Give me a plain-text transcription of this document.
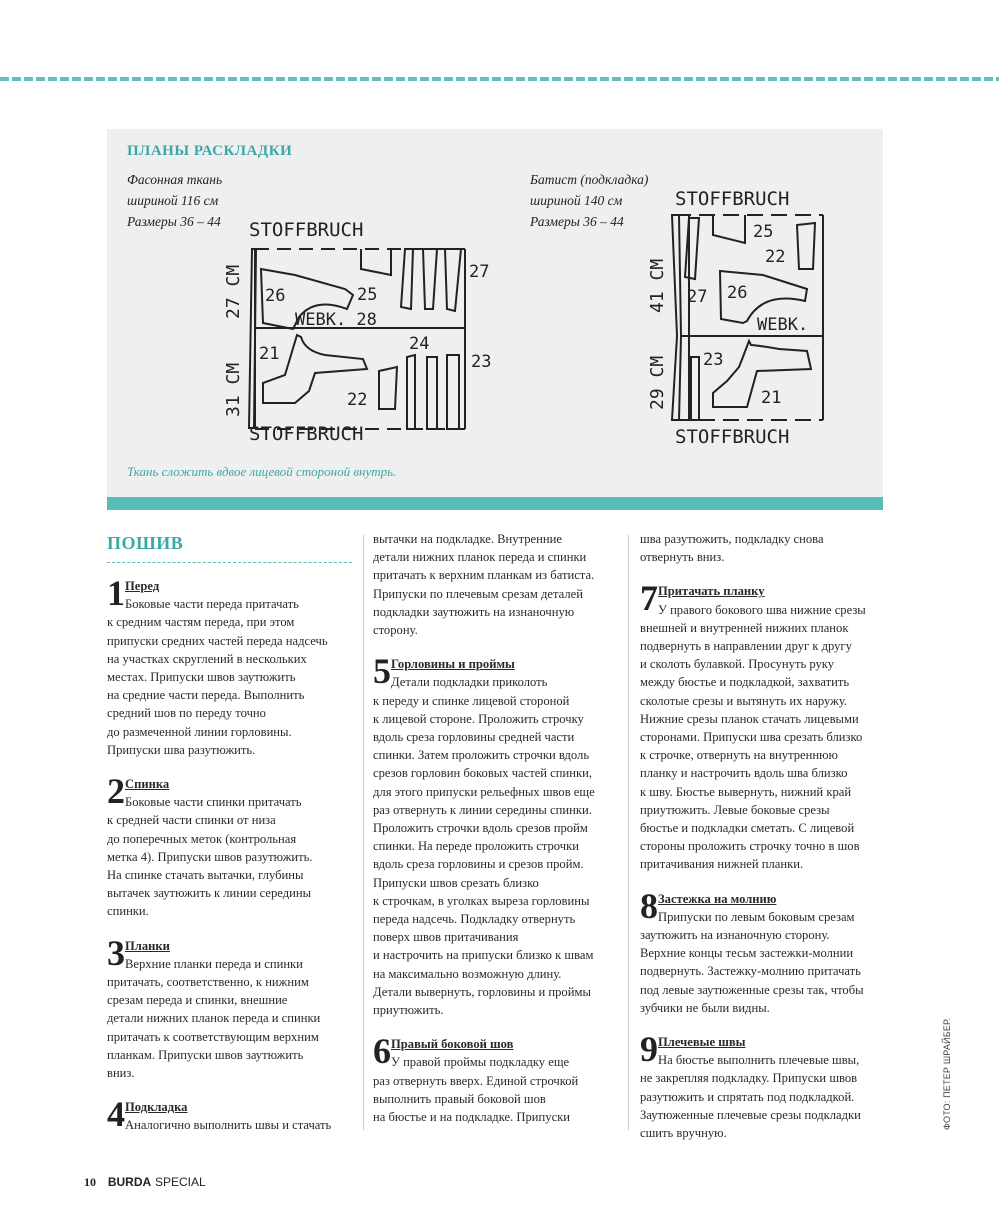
ПЛАНЫ РАСКЛАДКИ
Фасонная ткань
шириной 116 см
Размеры 36 – 44
Батист (подкладка)
шириной 140 см
Размеры 36 – 44
STOFFBRUCH
STOFFBRUCH
27 CM
31 CM
26	25
27
WEBK. 28
21
22
24
23
STOFFBRUCH
STOFFBRUCH
41 CM
29 CM
25
22
27 26
WEBK.
23
21
Ткань сложить вдвое лицевой стороной внутрь.
ПОШИВ
1 Перед
Боковые части переда притачать

к средним частям переда, при этом

припуски средних частей переда надсечь

на участках скруглений в нескольких

местах. Припуски швов заутюжить

на средние части переда. Выполнить

средний шов по переду точно

до размеченной линии горловины.

Припуски шва разутюжить.

2 Спинка
Боковые части спинки притачать

к средней части спинки от низа

до поперечных меток (контрольная

метка 4). Припуски швов разутюжить.

На спинке стачать вытачки, глубины

вытачек заутюжить к линии середины

спинки.

3 Планки
Верхние планки переда и спинки

притачать, соответственно, к нижним

срезам переда и спинки, внешние

детали нижних планок переда и спинки

притачать к соответствующим верхним

планкам. Припуски швов заутюжить

вниз.

4 Подкладка
Аналогично выполнить швы и стачать

вытачки на подкладке. Внутренние

детали нижних планок переда и спинки

притачать к верхним планкам из батиста.

Припуски по плечевым срезам деталей

подкладки заутюжить на изнаночную

сторону.

5 Горловины и проймы
Детали подкладки приколоть

к переду и спинке лицевой стороной

к лицевой стороне. Проложить строчку

вдоль среза горловины средней части

спинки. Затем проложить строчки вдоль

срезов горловин боковых частей спинки,

для этого припуски рельефных швов еще

раз отвернуть к линии середины спинки.

Проложить строчки вдоль срезов пройм

спинки. На переде проложить строчки

вдоль среза горловины и срезов пройм.

Припуски швов срезать близко

к строчкам, в уголках выреза горловины

переда надсечь. Подкладку отвернуть

поверх швов притачивания

и настрочить на припуски близко к швам

на максимально возможную длину.

Детали вывернуть, горловины и проймы

приутюжить.

6 Правый боковой шов
У правой проймы подкладку еще

раз отвернуть вверх. Единой строчкой

выполнить правый боковой шов

на бюстье и на подкладке. Припуски

шва разутюжить, подкладку снова

отвернуть вниз.

7 Притачать планку
У правого бокового шва нижние срезы

внешней и внутренней нижних планок

подвернуть в направлении друг к другу

и сколоть булавкой. Просунуть руку

между бюстье и подкладкой, захватить

сколотые срезы и вытянуть их наружу.

Нижние срезы планок стачать лицевыми

сторонами. Припуски шва срезать близко

к строчке, отвернуть на внутреннюю

планку и настрочить вдоль шва близко

к шву. Бюстье вывернуть, нижний край

приутюжить. Левые боковые срезы

бюстье и подкладки сметать. С лицевой

стороны проложить строчку точно в шов

притачивания нижней планки.

8 Застежка на молнию
Припуски по левым боковым срезам

заутюжить на изнаночную сторону.

Верхние концы тесьм застежки-молнии

подвернуть. Застежку-молнию притачать

под левые заутюженные срезы так, чтобы

зубчики не были видны.

9 Плечевые швы
На бюстье выполнить плечевые швы,

не закрепляя подкладку. Припуски швов

разутюжить и спрятать под подкладкой.

Заутюженные плечевые срезы подкладки

сшить вручную.

ФОТО: ПЕТЕР ШРАЙБЕР.
10 BURDA SPECIAL
